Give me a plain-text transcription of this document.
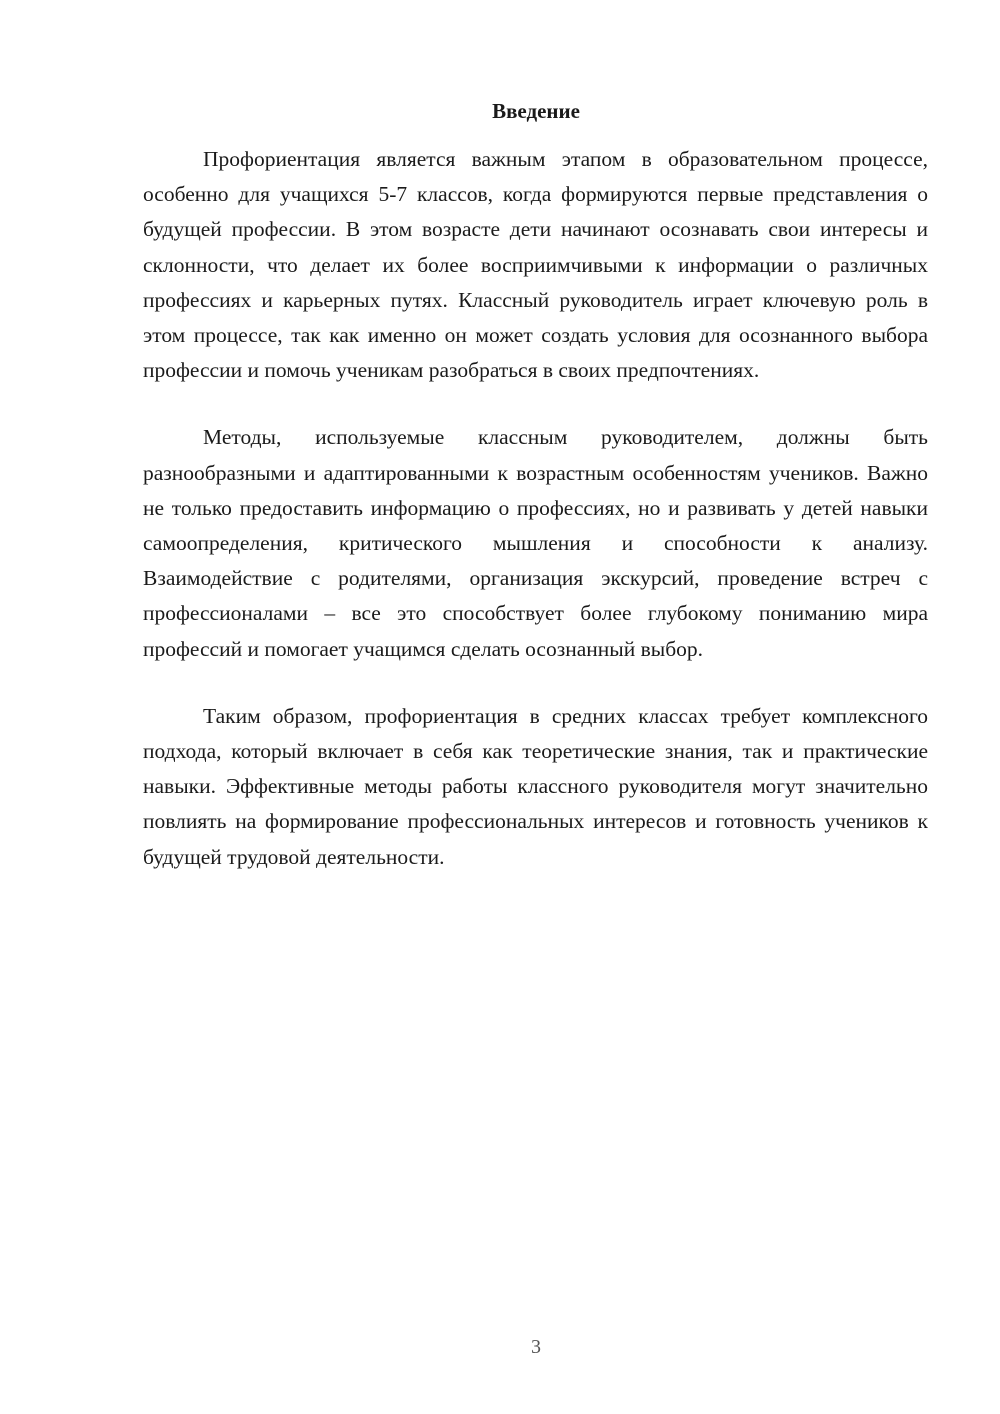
Введение

Профориентация является важным этапом в образовательном процессе, особенно для учащихся 5-7 классов, когда формируются первые представления о будущей профессии. В этом возрасте дети начинают осознавать свои интересы и склонности, что делает их более восприимчивыми к информации о различных профессиях и карьерных путях. Классный руководитель играет ключевую роль в этом процессе, так как именно он может создать условия для осознанного выбора профессии и помочь ученикам разобраться в своих предпочтениях.

Методы, используемые классным руководителем, должны быть разнообразными и адаптированными к возрастным особенностям учеников. Важно не только предоставить информацию о профессиях, но и развивать у детей навыки самоопределения, критического мышления и способности к анализу. Взаимодействие с родителями, организация экскурсий, проведение встреч с профессионалами – все это способствует более глубокому пониманию мира профессий и помогает учащимся сделать осознанный выбор.

Таким образом, профориентация в средних классах требует комплексного подхода, который включает в себя как теоретические знания, так и практические навыки. Эффективные методы работы классного руководителя могут значительно повлиять на формирование профессиональных интересов и готовность учеников к будущей трудовой деятельности.

3
